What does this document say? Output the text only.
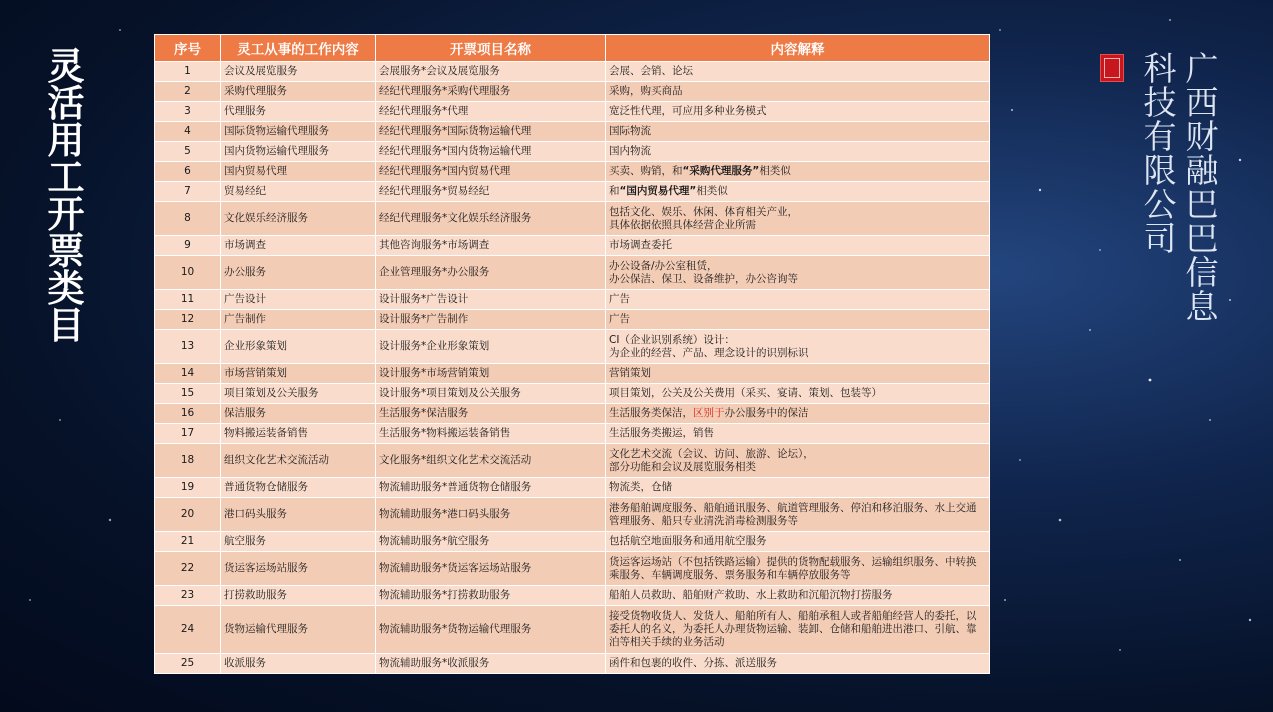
灵活用工开票类目
序号	灵工从事的工作内容	开票项目名称	内容解释
1	会议及展览服务	会展服务*会议及展览服务	会展、会销、论坛
2	采购代理服务	经纪代理服务*采购代理服务	采购，购买商品
3	代理服务	经纪代理服务*代理	宽泛性代理，可应用多种业务模式
4	国际货物运输代理服务	经纪代理服务*国际货物运输代理	国际物流
5	国内货物运输代理服务	经纪代理服务*国内货物运输代理	国内物流
6	国内贸易代理	经纪代理服务*国内贸易代理	买卖、购销，和“采购代理服务”相类似
7	贸易经纪	经纪代理服务*贸易经纪	和“国内贸易代理”相类似
8	文化娱乐经济服务	经纪代理服务*文化娱乐经济服务	包括文化、娱乐、休闲、体育相关产业，
具体依据依照具体经营企业所需
9	市场调查	其他咨询服务*市场调查	市场调查委托
10	办公服务	企业管理服务*办公服务	办公设备/办公室租赁，
办公保洁、保卫、设备维护，办公咨询等
11	广告设计	设计服务*广告设计	广告
12	广告制作	设计服务*广告制作	广告
13	企业形象策划	设计服务*企业形象策划	CI（企业识别系统）设计：
为企业的经营、产品、理念设计的识别标识
14	市场营销策划	设计服务*市场营销策划	营销策划
15	项目策划及公关服务	设计服务*项目策划及公关服务	项目策划，公关及公关费用（采买、宴请、策划、包装等）
16	保洁服务	生活服务*保洁服务	生活服务类保洁，区别于办公服务中的保洁
17	物料搬运装备销售	生活服务*物料搬运装备销售	生活服务类搬运，销售
18	组织文化艺术交流活动	文化服务*组织文化艺术交流活动	文化艺术交流（会议、访问、旅游、论坛），
部分功能和会议及展览服务相类
19	普通货物仓储服务	物流辅助服务*普通货物仓储服务	物流类，仓储
20	港口码头服务	物流辅助服务*港口码头服务	港务船舶调度服务、船舶通讯服务、航道管理服务、停泊和移泊服务、水上交通管理服务、船只专业清洗消毒检测服务等
21	航空服务	物流辅助服务*航空服务	包括航空地面服务和通用航空服务
22	货运客运场站服务	物流辅助服务*货运客运场站服务	货运客运场站（不包括铁路运输）提供的货物配载服务、运输组织服务、中转换乘服务、车辆调度服务、票务服务和车辆停放服务等
23	打捞救助服务	物流辅助服务*打捞救助服务	船舶人员救助、船舶财产救助、水上救助和沉船沉物打捞服务
24	货物运输代理服务	物流辅助服务*货物运输代理服务	接受货物收货人、发货人、船舶所有人、船舶承租人或者船舶经营人的委托，以委托人的名义，为委托人办理货物运输、装卸、仓储和船舶进出港口、引航、靠泊等相关手续的业务活动
25	收派服务	物流辅助服务*收派服务	函件和包裹的收件、分拣、派送服务
广西财融巴巴信息
科技有限公司
